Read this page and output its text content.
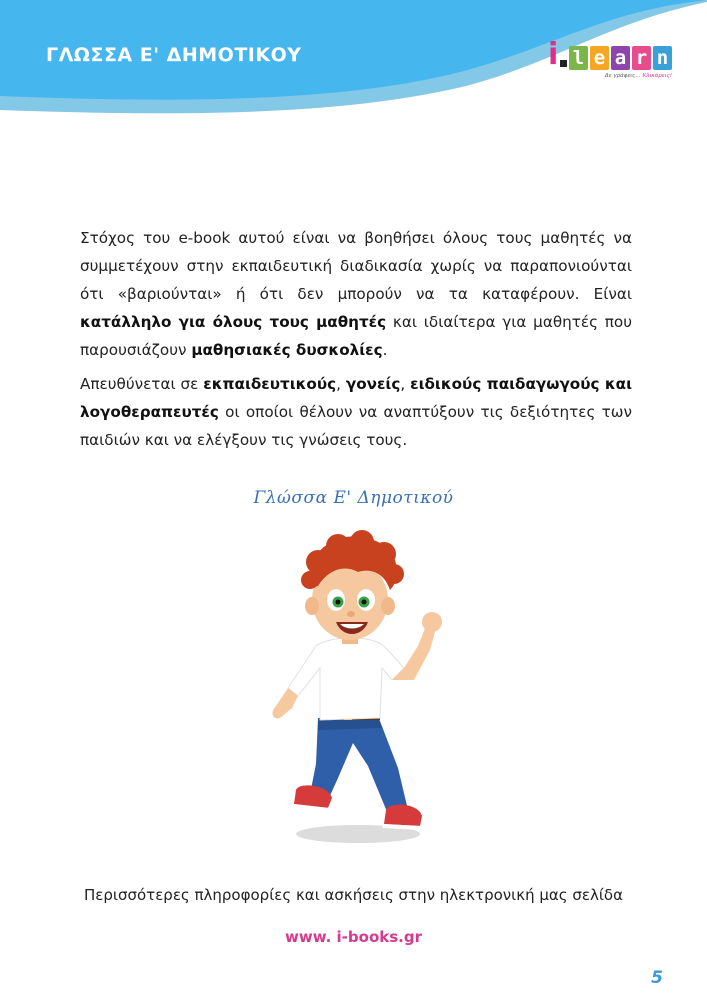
ΓΛΩΣΣΑ Ε' ΔΗΜΟΤΙΚΟΥ	i l e a r n
Δε γράφεις… Κλικάρεις!
Στόχος του e-book αυτού είναι να βοηθήσει όλους τους μαθητές να συμμετέχουν στην εκπαιδευτική διαδικασία χωρίς να παραπονιούνται ότι «βαριούνται» ή ότι δεν μπορούν να τα καταφέρουν. Είναι κατάλληλο για όλους τους μαθητές και ιδιαίτερα για μαθητές που παρουσιάζουν μαθησιακές δυσκολίες.
Απευθύνεται σε εκπαιδευτικούς, γονείς, ειδικούς παιδαγωγούς και λογοθεραπευτές οι οποίοι θέλουν να αναπτύξουν τις δεξιότητες των παιδιών και να ελέγξουν τις γνώσεις τους.
Γλώσσα Ε' Δημοτικού
Περισσότερες πληροφορίες και ασκήσεις στην ηλεκτρονική μας σελίδα
www. i-books.gr
5
